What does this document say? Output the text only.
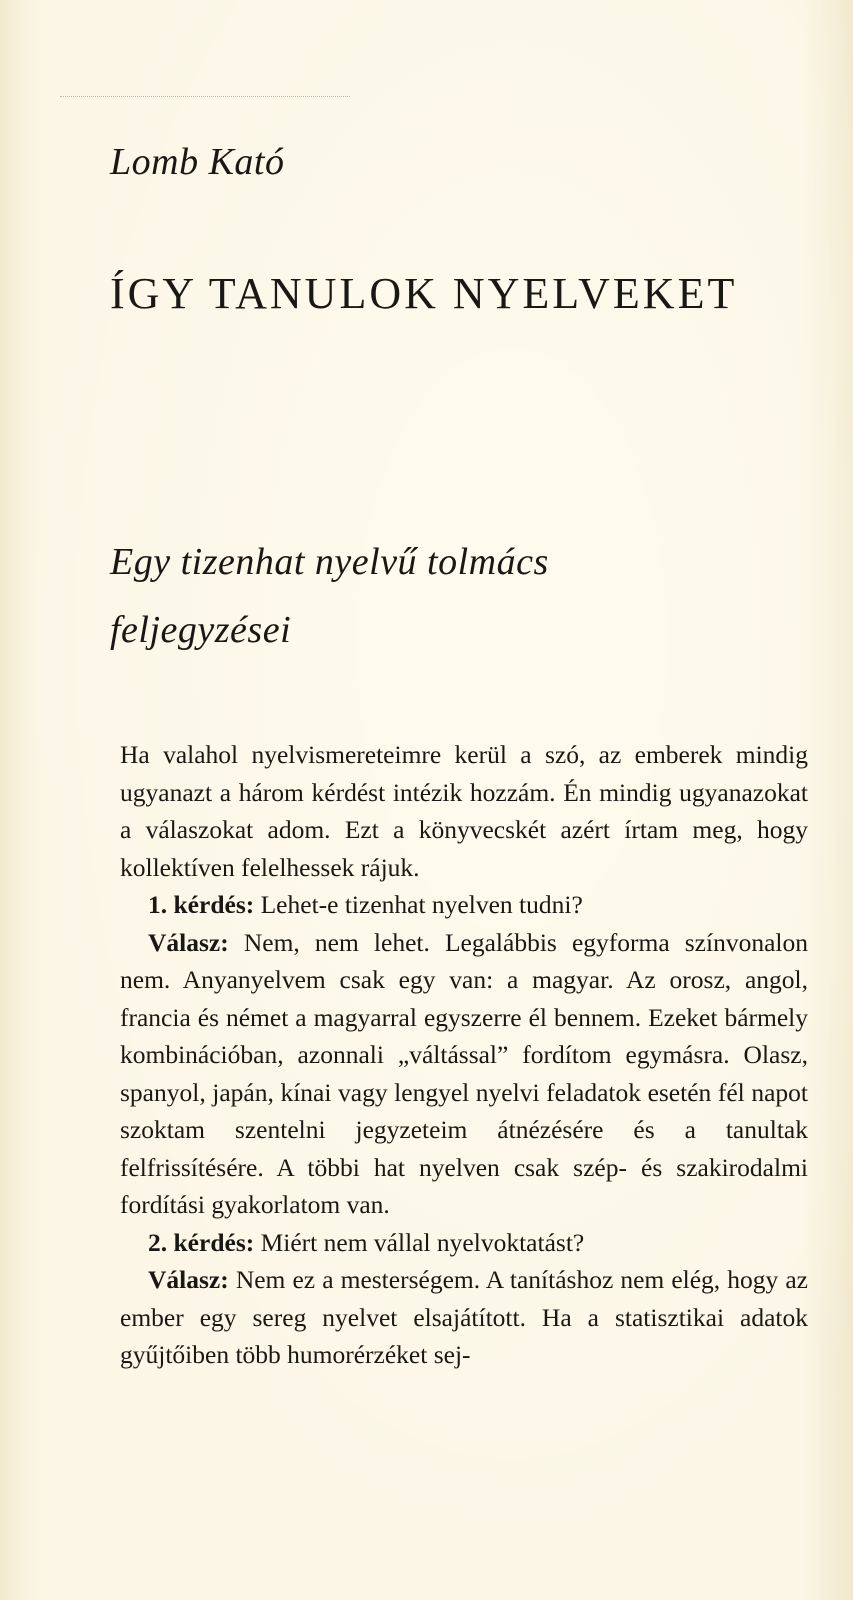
Lomb Kató
ÍGY TANULOK NYELVEKET
Egy tizenhat nyelvű tolmács
feljegyzései

Ha valahol nyelvismereteimre kerül a szó, az emberek mindig ugyanazt a három kérdést intézik hozzám. Én mindig ugyanazokat a válaszokat adom. Ezt a könyvecskét azért írtam meg, hogy kollektíven felelhessek rájuk.

1. kérdés: Lehet-e tizenhat nyelven tudni?

Válasz: Nem, nem lehet. Legalábbis egyforma színvonalon nem. Anyanyelvem csak egy van: a magyar. Az orosz, angol, francia és német a magyarral egyszerre él bennem. Ezeket bármely kombinációban, azonnali „váltással” fordítom egymásra. Olasz, spanyol, japán, kínai vagy lengyel nyelvi feladatok esetén fél napot szoktam szentelni jegyzeteim átnézésére és a tanultak felfrissítésére. A többi hat nyelven csak szép- és szakirodalmi fordítási gyakorlatom van.

2. kérdés: Miért nem vállal nyelvoktatást?

Válasz: Nem ez a mesterségem. A tanításhoz nem elég, hogy az ember egy sereg nyelvet elsajátított. Ha a statisztikai adatok gyűjtőiben több humorérzéket sej-
